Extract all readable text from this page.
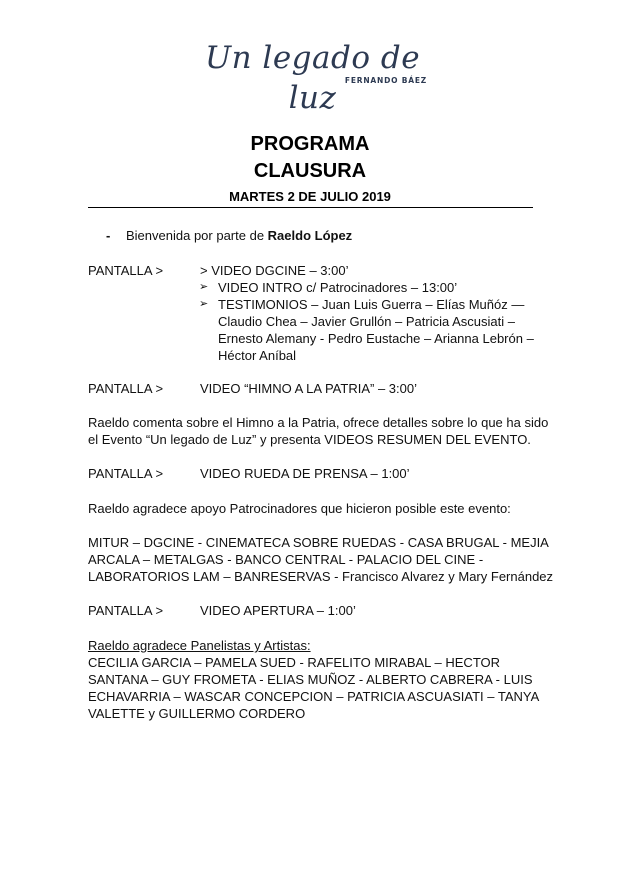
Un legado de luz	FERNANDO BÁEZ
PROGRAMA
CLAUSURA
MARTES 2 DE JULIO 2019
- Bienvenida por parte de Raeldo López
PANTALLA >	> VIDEO DGCINE – 3:00’
➢ VIDEO INTRO c/ Patrocinadores – 13:00’
➢ TESTIMONIOS – Juan Luis Guerra – Elías Muñóz —
Claudio Chea – Javier Grullón – Patricia Ascusiati –
Ernesto Alemany - Pedro Eustache – Arianna Lebrón –
Héctor Aníbal
PANTALLA >	VIDEO “HIMNO A LA PATRIA” – 3:00’
Raeldo comenta sobre el Himno a la Patria, ofrece detalles sobre lo que ha sido
el Evento “Un legado de Luz” y presenta VIDEOS RESUMEN DEL EVENTO.
PANTALLA >	VIDEO RUEDA DE PRENSA – 1:00’
Raeldo agradece apoyo Patrocinadores que hicieron posible este evento:
MITUR – DGCINE - CINEMATECA SOBRE RUEDAS - CASA BRUGAL - MEJIA
ARCALA – METALGAS - BANCO CENTRAL - PALACIO DEL CINE -
LABORATORIOS LAM – BANRESERVAS - Francisco Alvarez y Mary Fernández
PANTALLA >	VIDEO APERTURA – 1:00’
Raeldo agradece Panelistas y Artistas:
CECILIA GARCIA – PAMELA SUED - RAFELITO MIRABAL – HECTOR
SANTANA – GUY FROMETA - ELIAS MUÑOZ - ALBERTO CABRERA - LUIS
ECHAVARRIA – WASCAR CONCEPCION – PATRICIA ASCUASIATI – TANYA
VALETTE y GUILLERMO CORDERO
